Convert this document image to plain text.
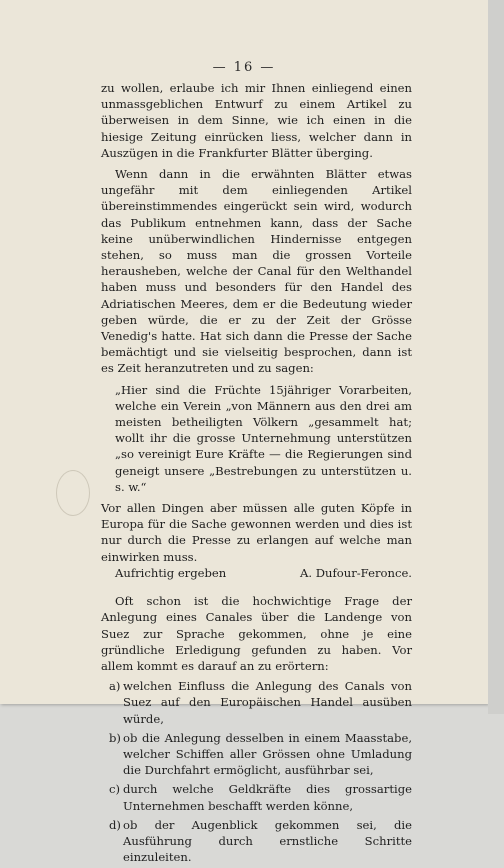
— 16 —

zu wollen, erlaube ich mir Ihnen einliegend einen unmassgeblichen Entwurf zu einem Artikel zu überweisen in dem Sinne, wie ich einen in die hiesige Zeitung einrücken liess, welcher dann in Auszügen in die Frankfurter Blätter überging.

Wenn dann in die erwähnten Blätter etwas ungefähr mit dem einliegenden Artikel übereinstimmendes eingerückt sein wird, wodurch das Publikum entnehmen kann, dass der Sache keine unüberwindlichen Hindernisse entgegen stehen, so muss man die grossen Vorteile herausheben, welche der Canal für den Welthandel haben muss und besonders für den Handel des Adriatischen Meeres, dem er die Bedeutung wieder geben würde, die er zu der Zeit der Grösse Venedig's hatte. Hat sich dann die Presse der Sache bemächtigt und sie vielseitig besprochen, dann ist es Zeit heranzutreten und zu sagen:

„Hier sind die Früchte 15jähriger Vorarbeiten, welche ein Verein „von Männern aus den drei am meisten betheiligten Völkern „gesammelt hat; wollt ihr die grosse Unternehmung unterstützen „so vereinigt Eure Kräfte — die Regierungen sind geneigt unsere „Bestrebungen zu unterstützen u. s. w.“

Vor allen Dingen aber müssen alle guten Köpfe in Europa für die Sache gewonnen werden und dies ist nur durch die Presse zu erlangen auf welche man einwirken muss.

Aufrichtig ergeben	A. Dufour-Feronce.

Oft schon ist die hochwichtige Frage der Anlegung eines Canales über die Landenge von Suez zur Sprache gekommen, ohne je eine gründliche Erledigung gefunden zu haben. Vor allem kommt es darauf an zu erörtern:

a) welchen Einfluss die Anlegung des Canals von Suez auf den Europäischen Handel ausüben würde,
b) ob die Anlegung desselben in einem Maasstabe, welcher Schiffen aller Grössen ohne Umladung die Durchfahrt ermöglicht, ausführbar sei,
c) durch welche Geldkräfte dies grossartige Unternehmen beschafft werden könne,
d) ob der Augenblick gekommen sei, die Ausführung durch ernstliche Schritte einzuleiten.
